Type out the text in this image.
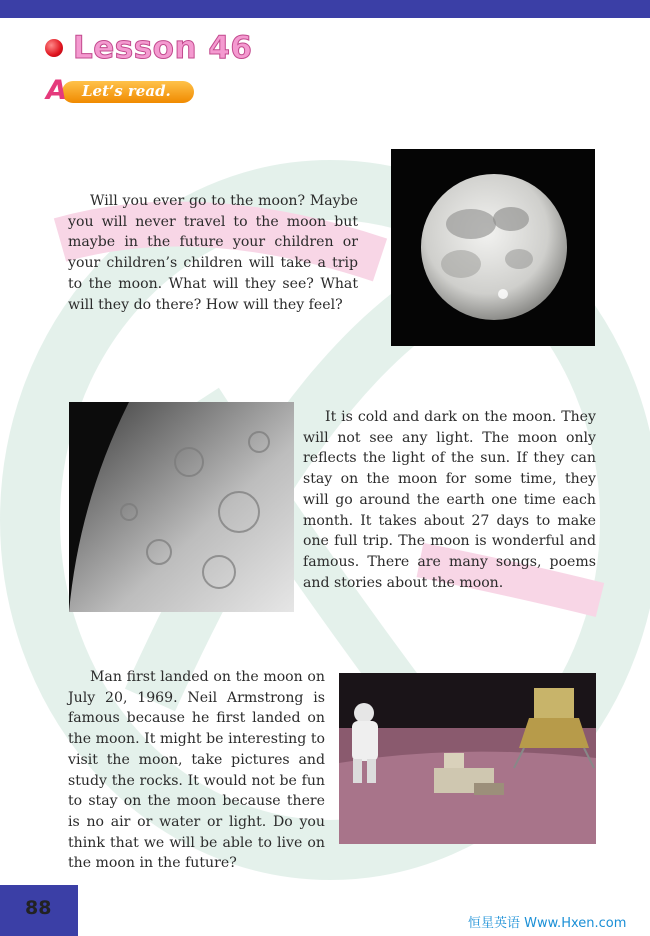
Lesson 46
A Let’s read.
Will you ever go to the moon? Maybe you will never travel to the moon but maybe in the future your children or your children’s children will take a trip to the moon. What will they see? What will they do there? How will they feel?
It is cold and dark on the moon. They will not see any light. The moon only reflects the light of the sun. If they can stay on the moon for some time, they will go around the earth one time each month. It takes about 27 days to make one full trip. The moon is wonderful and famous. There are many songs, poems and stories about the moon.
Man first landed on the moon on July 20, 1969. Neil Armstrong is famous because he first landed on the moon. It might be interesting to visit the moon, take pictures and study the rocks. It would not be fun to stay on the moon because there is no air or water or light. Do you think that we will be able to live on the moon in the future?
88
恒星英语 Www.Hxen.com
